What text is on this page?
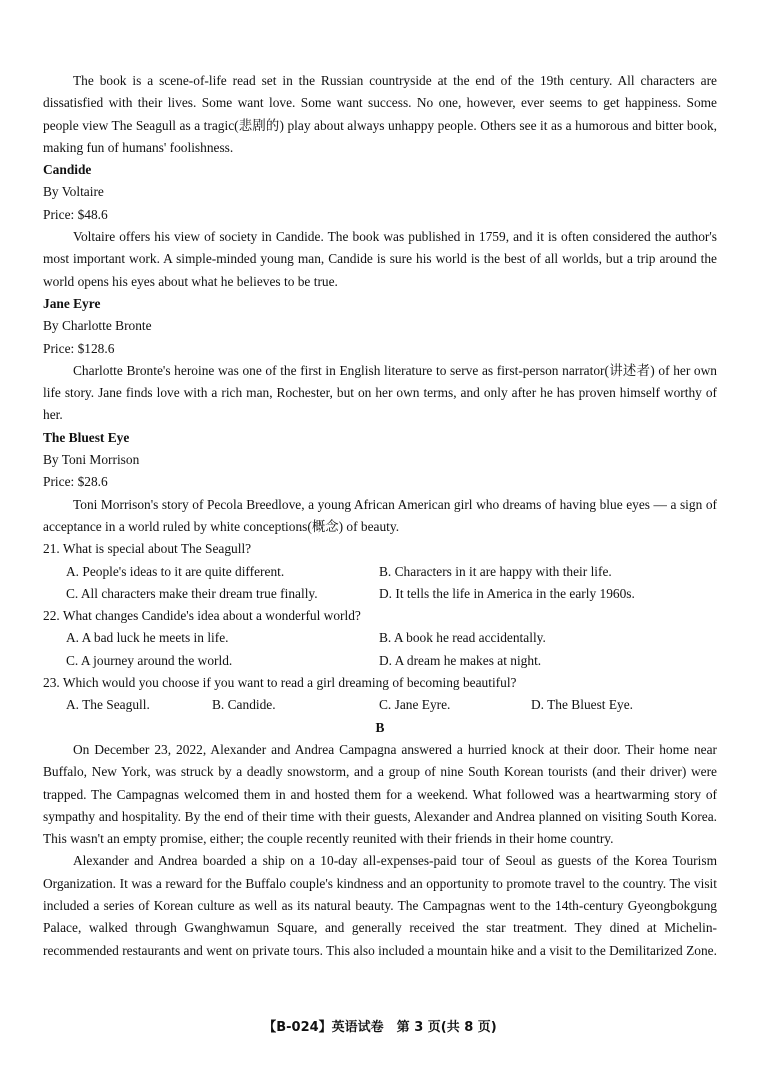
The book is a scene-of-life read set in the Russian countryside at the end of the 19th century. All characters are dissatisfied with their lives. Some want love. Some want success. No one, however, ever seems to get happiness. Some people view The Seagull as a tragic(悲剧的) play about always unhappy people. Others see it as a humorous and bitter book, making fun of humans' foolishness.

Candide
By Voltaire
Price: $48.6

Voltaire offers his view of society in Candide. The book was published in 1759, and it is often considered the author's most important work. A simple-minded young man, Candide is sure his world is the best of all worlds, but a trip around the world opens his eyes about what he believes to be true.

Jane Eyre
By Charlotte Bronte
Price: $128.6

Charlotte Bronte's heroine was one of the first in English literature to serve as first-person narrator(讲述者) of her own life story. Jane finds love with a rich man, Rochester, but on her own terms, and only after he has proven himself worthy of her.

The Bluest Eye
By Toni Morrison
Price: $28.6

Toni Morrison's story of Pecola Breedlove, a young African American girl who dreams of having blue eyes — a sign of acceptance in a world ruled by white conceptions(概念) of beauty.

21. What is special about The Seagull?
A. People's ideas to it are quite different.	B. Characters in it are happy with their life.
C. All characters make their dream true finally.	D. It tells the life in America in the early 1960s.
22. What changes Candide's idea about a wonderful world?
A. A bad luck he meets in life.	B. A book he read accidentally.
C. A journey around the world.	D. A dream he makes at night.
23. Which would you choose if you want to read a girl dreaming of becoming beautiful?
A. The Seagull.	B. Candide.	C. Jane Eyre.	D. The Bluest Eye.
B

On December 23, 2022, Alexander and Andrea Campagna answered a hurried knock at their door. Their home near Buffalo, New York, was struck by a deadly snowstorm, and a group of nine South Korean tourists (and their driver) were trapped. The Campagnas welcomed them in and hosted them for a weekend. What followed was a heartwarming story of sympathy and hospitality. By the end of their time with their guests, Alexander and Andrea planned on visiting South Korea. This wasn't an empty promise, either; the couple recently reunited with their friends in their home country.

Alexander and Andrea boarded a ship on a 10-day all-expenses-paid tour of Seoul as guests of the Korea Tourism Organization. It was a reward for the Buffalo couple's kindness and an opportunity to promote travel to the country. The visit included a series of Korean culture as well as its natural beauty. The Campagnas went to the 14th-century Gyeongbokgung Palace, walked through Gwanghwamun Square, and generally received the star treatment. They dined at Michelin-recommended restaurants and went on private tours. This also included a mountain hike and a visit to the Demilitarized Zone.

【B-024】英语试卷　第 3 页(共 8 页)
